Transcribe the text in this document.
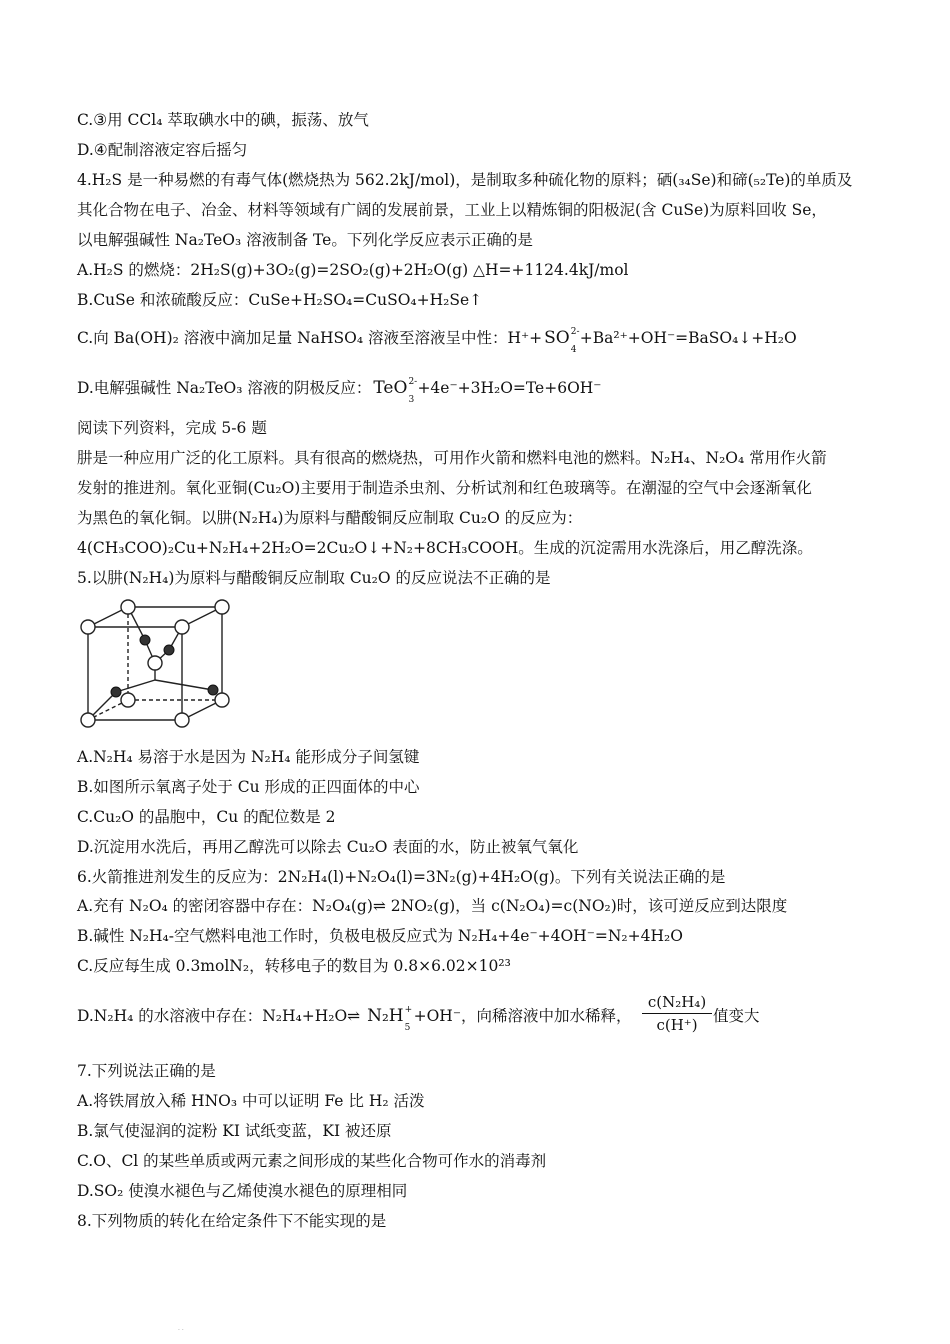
C.③用 CCl₄ 萃取碘水中的碘，振荡、放气
D.④配制溶液定容后摇匀
4.H₂S 是一种易燃的有毒气体(燃烧热为 562.2kJ/mol)，是制取多种硫化物的原料；硒(₃₄Se)和碲(₅₂Te)的单质及
其化合物在电子、冶金、材料等领域有广阔的发展前景，工业上以精炼铜的阳极泥(含 CuSe)为原料回收 Se，
以电解强碱性 Na₂TeO₃ 溶液制备 Te。下列化学反应表示正确的是
A.H₂S 的燃烧：2H₂S(g)+3O₂(g)=2SO₂(g)+2H₂O(g) △H=+1124.4kJ/mol
B.CuSe 和浓硫酸反应：CuSe+H₂SO₄=CuSO₄+H₂Se↑
C.向 Ba(OH)₂ 溶液中滴加足量 NaHSO₄ 溶液至溶液呈中性：H⁺+ SO 2-
4
+Ba²⁺+OH⁻=BaSO₄↓+H₂O
D.电解强碱性 Na₂TeO₃ 溶液的阴极反应： TeO 2-
3
+4e⁻+3H₂O=Te+6OH⁻
阅读下列资料，完成 5-6 题
肼是一种应用广泛的化工原料。具有很高的燃烧热，可用作火箭和燃料电池的燃料。N₂H₄、N₂O₄ 常用作火箭
发射的推进剂。氧化亚铜(Cu₂O)主要用于制造杀虫剂、分析试剂和红色玻璃等。在潮湿的空气中会逐渐氧化
为黑色的氧化铜。以肼(N₂H₄)为原料与醋酸铜反应制取 Cu₂O 的反应为：
4(CH₃COO)₂Cu+N₂H₄+2H₂O=2Cu₂O↓+N₂+8CH₃COOH。生成的沉淀需用水洗涤后，用乙醇洗涤。
5.以肼(N₂H₄)为原料与醋酸铜反应制取 Cu₂O 的反应说法不正确的是
A.N₂H₄ 易溶于水是因为 N₂H₄ 能形成分子间氢键
B.如图所示氧离子处于 Cu 形成的正四面体的中心
C.Cu₂O 的晶胞中，Cu 的配位数是 2
D.沉淀用水洗后，再用乙醇洗可以除去 Cu₂O 表面的水，防止被氧气氧化
6.火箭推进剂发生的反应为：2N₂H₄(l)+N₂O₄(l)=3N₂(g)+4H₂O(g)。下列有关说法正确的是
A.充有 N₂O₄ 的密闭容器中存在：N₂O₄(g)⇌ 2NO₂(g)，当 c(N₂O₄)=c(NO₂)时，该可逆反应到达限度
B.碱性 N₂H₄-空气燃料电池工作时，负极电极反应式为 N₂H₄+4e⁻+4OH⁻=N₂+4H₂O
C.反应每生成 0.3molN₂，转移电子的数目为 0.8×6.02×10²³
D.N₂H₄ 的水溶液中存在：N₂H₄+H₂O⇌ N₂H +
5
+OH⁻，向稀溶液中加水稀释， $\frac{\text{c(N₂H₄)}}{c(H^+)}$ 值变大
7.下列说法正确的是
A.将铁屑放入稀 HNO₃ 中可以证明 Fe 比 H₂ 活泼
B.氯气使湿润的淀粉 KI 试纸变蓝，KI 被还原
C.O、Cl 的某些单质或两元素之间形成的某些化合物可作水的消毒剂
D.SO₂ 使溴水褪色与乙烯使溴水褪色的原理相同
8.下列物质的转化在给定条件下不能实现的是
· ·
